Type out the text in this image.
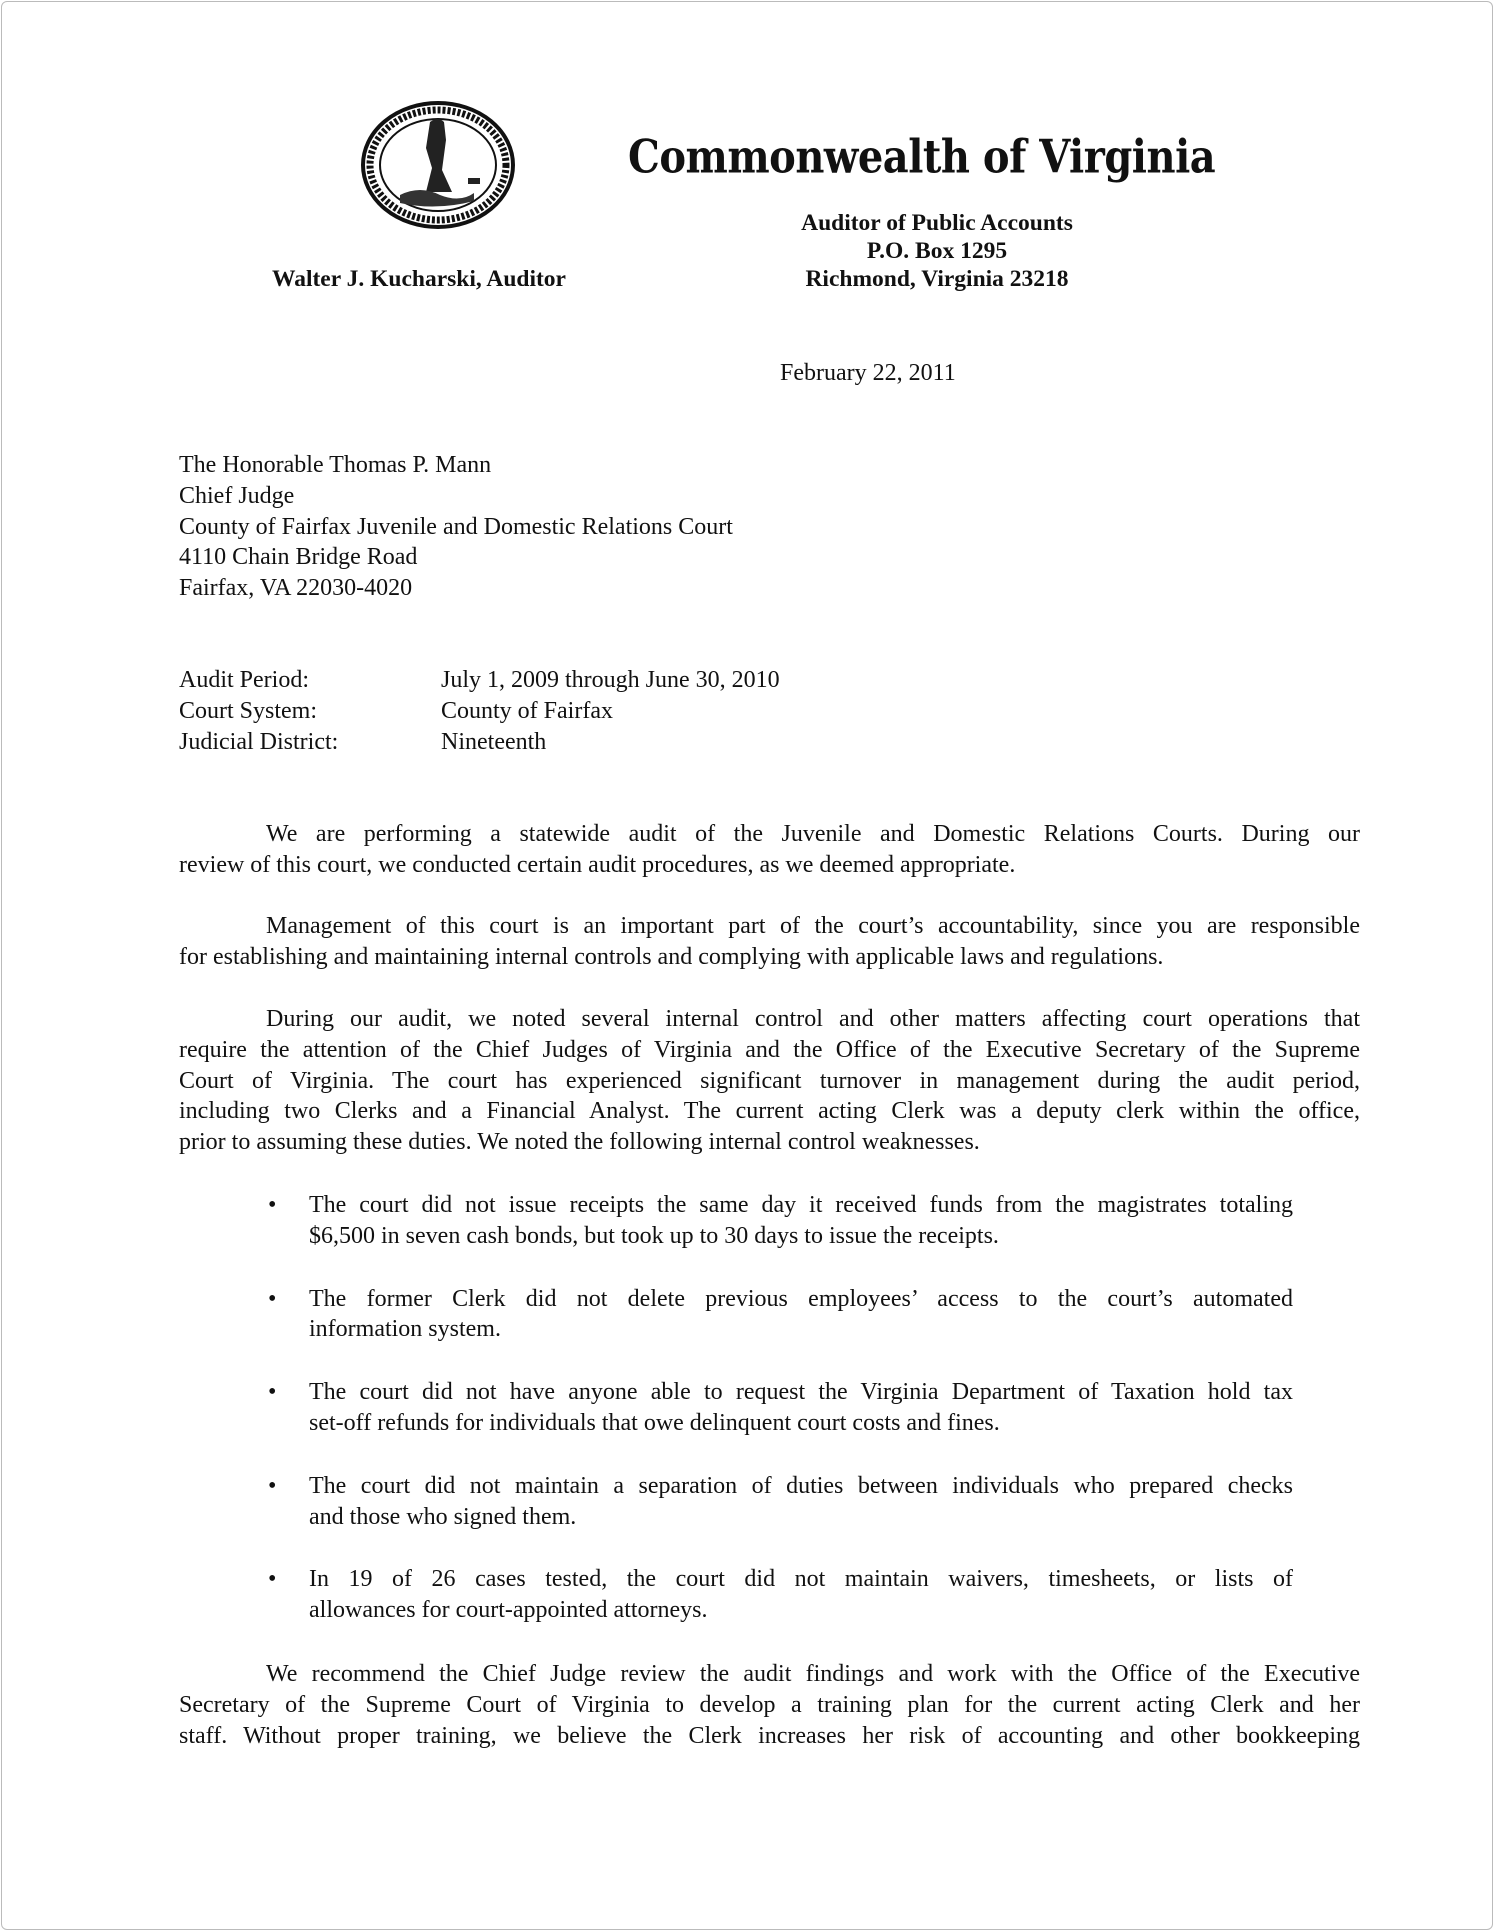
Commonwealth of Virginia
Auditor of Public Accounts
P.O. Box 1295
Richmond, Virginia 23218
Walter J. Kucharski, Auditor
February 22, 2011
The Honorable Thomas P. Mann
Chief Judge
County of Fairfax Juvenile and Domestic Relations Court
4110 Chain Bridge Road
Fairfax, VA 22030-4020
Audit Period:
Court System:
Judicial District:
July 1, 2009 through June 30, 2010
County of Fairfax
Nineteenth
We are performing a statewide audit of the Juvenile and Domestic Relations Courts. During our
review of this court, we conducted certain audit procedures, as we deemed appropriate.
Management of this court is an important part of the court’s accountability, since you are responsible
for establishing and maintaining internal controls and complying with applicable laws and regulations.
During our audit, we noted several internal control and other matters affecting court operations that
require the attention of the Chief Judges of Virginia and the Office of the Executive Secretary of the Supreme
Court of Virginia. The court has experienced significant turnover in management during the audit period,
including two Clerks and a Financial Analyst. The current acting Clerk was a deputy clerk within the office,
prior to assuming these duties. We noted the following internal control weaknesses.
• The court did not issue receipts the same day it received funds from the magistrates totaling
$6,500 in seven cash bonds, but took up to 30 days to issue the receipts.
• The former Clerk did not delete previous employees’ access to the court’s automated
information system.
• The court did not have anyone able to request the Virginia Department of Taxation hold tax
set-off refunds for individuals that owe delinquent court costs and fines.
• The court did not maintain a separation of duties between individuals who prepared checks
and those who signed them.
• In 19 of 26 cases tested, the court did not maintain waivers, timesheets, or lists of
allowances for court-appointed attorneys.
We recommend the Chief Judge review the audit findings and work with the Office of the Executive
Secretary of the Supreme Court of Virginia to develop a training plan for the current acting Clerk and her
staff. Without proper training, we believe the Clerk increases her risk of accounting and other bookkeeping
